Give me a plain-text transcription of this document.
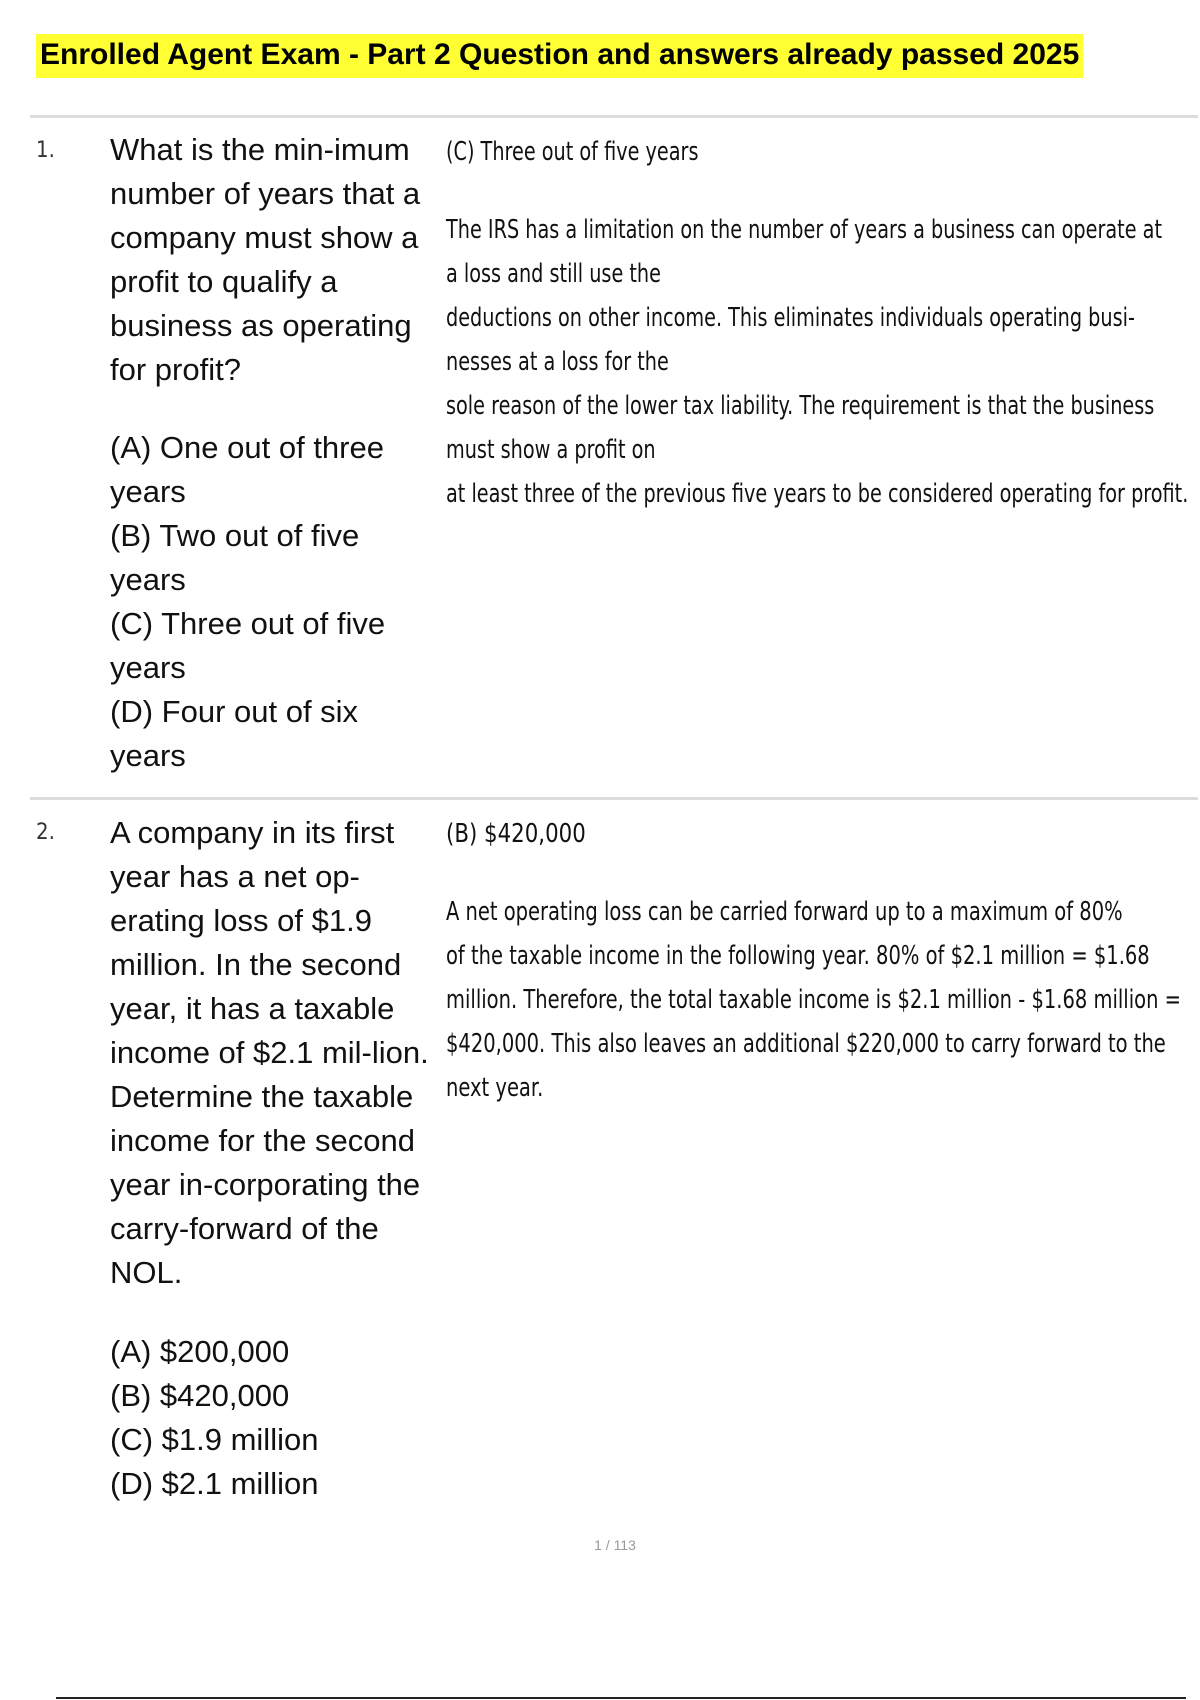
Enrolled Agent Exam - Part 2 Question and answers already passed 2025
1. What is the min-imum number of years that a company must show a profit to qualify a business as operating for profit?

(A) One out of three years
(B) Two out of five years
(C) Three out of five years
(D) Four out of six years
(C) Three out of five years
The IRS has a limitation on the number of years a business can operate at
a loss and still use the
deductions on other income. This eliminates individuals operating busi-
nesses at a loss for the
sole reason of the lower tax liability. The requirement is that the business
must show a profit on
at least three of the previous five years to be considered operating for profit.
2. A company in its first year has a net op-erating loss of $1.9 million. In the second year, it has a taxable income of $2.1 mil-lion. Determine the taxable income for the second year in-corporating the carry-forward of the NOL.

(A) $200,000
(B) $420,000
(C) $1.9 million
(D) $2.1 million
(B) $420,000
A net operating loss can be carried forward up to a maximum of 80%
of the taxable income in the following year. 80% of $2.1 million = $1.68
million. Therefore, the total taxable income is $2.1 million - $1.68 million =
$420,000. This also leaves an additional $220,000 to carry forward to the
next year.
1 / 113
